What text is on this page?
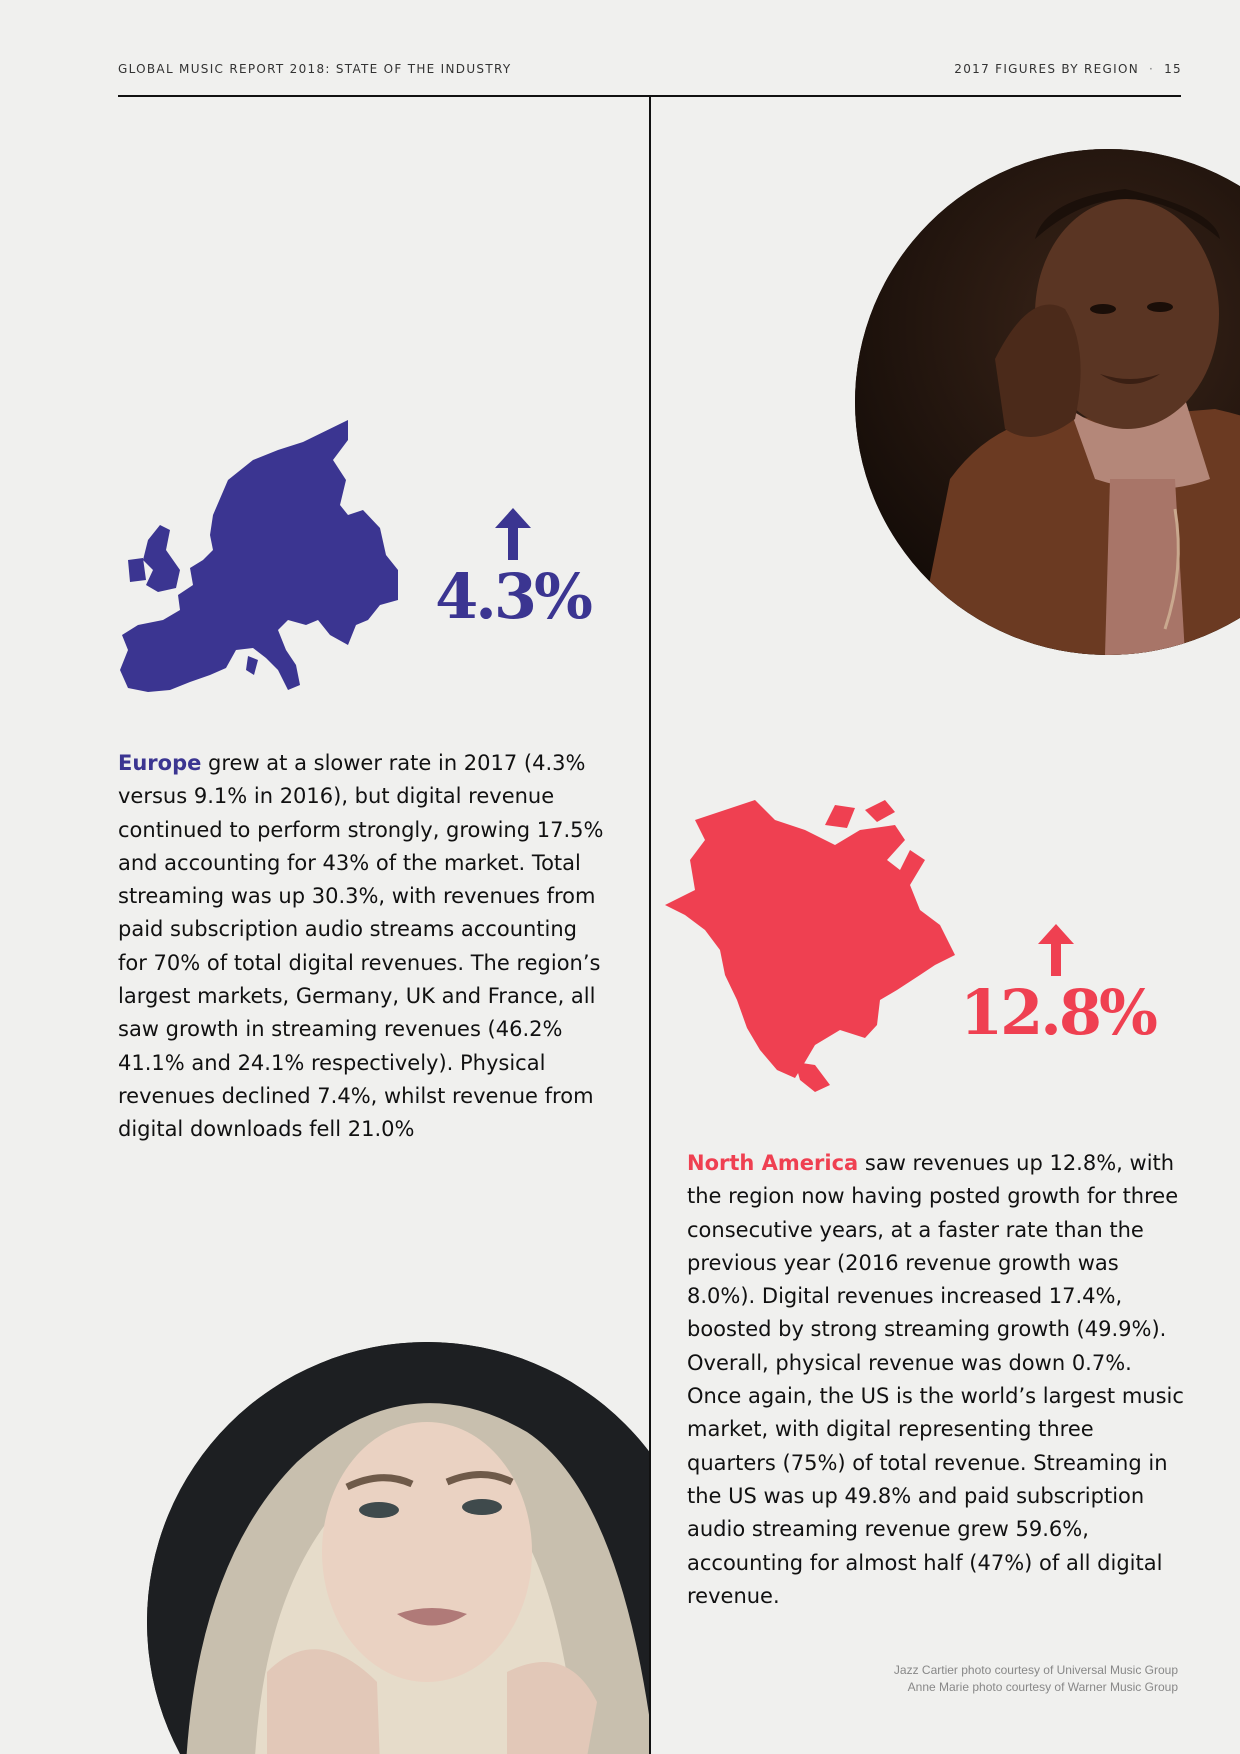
GLOBAL MUSIC REPORT 2018: STATE OF THE INDUSTRY	2017 FIGURES BY REGION · 15
4.3%
Europe grew at a slower rate in 2017 (4.3% versus 9.1% in 2016), but digital revenue continued to perform strongly, growing 17.5% and accounting for 43% of the market. Total streaming was up 30.3%, with revenues from paid subscription audio streams accounting for 70% of total digital revenues. The region’s largest markets, Germany, UK and France, all saw growth in streaming revenues (46.2% 41.1% and 24.1% respectively). Physical revenues declined 7.4%, whilst revenue from digital downloads fell 21.0%
12.8%
North America saw revenues up 12.8%, with the region now having posted growth for three consecutive years, at a faster rate than the previous year (2016 revenue growth was 8.0%). Digital revenues increased 17.4%, boosted by strong streaming growth (49.9%). Overall, physical revenue was down 0.7%. Once again, the US is the world’s largest music market, with digital representing three quarters (75%) of total revenue. Streaming in the US was up 49.8% and paid subscription audio streaming revenue grew 59.6%, accounting for almost half (47%) of all digital revenue.
Jazz Cartier photo courtesy of Universal Music Group
Anne Marie photo courtesy of Warner Music Group
